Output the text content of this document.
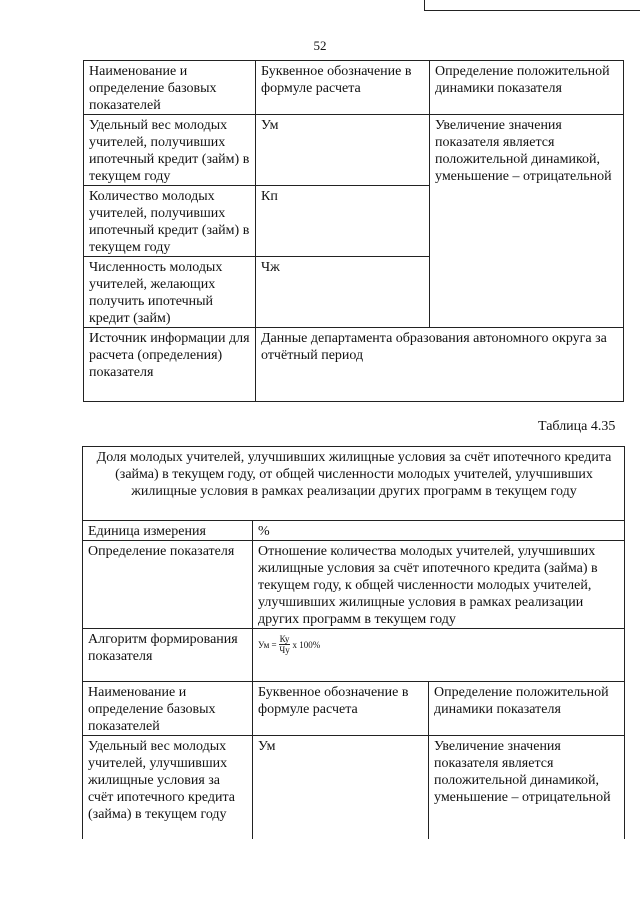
52
Наименование и определение базовых показателей	Буквенное обозначение в формуле расчета	Определение положительной динамики показателя
Удельный вес молодых учителей, получивших ипотечный кредит (займ) в текущем году	Ум	Увеличение значения показателя является положительной динамикой, уменьшение – отрицательной
Количество молодых учителей, получивших ипотечный кредит (займ) в текущем году	Кп	
Численность молодых учителей, желающих получить ипотечный кредит (займ)	Чж	
Источник информации для расчета (определения) показателя	Данные департамента образования автономного округа за отчётный период	
Таблица 4.35
Доля молодых учителей, улучшивших жилищные условия за счёт ипотечного кредита (займа) в текущем году, от общей численности молодых учителей, улучшивших жилищные условия в рамках реализации других программ в текущем году		
Единица измерения	%	
Определение показателя	Отношение количества молодых учителей, улучшивших жилищные условия за счёт ипотечного кредита (займа) в текущем году, к общей численности молодых учителей, улучшивших жилищные условия в рамках реализации других программ в текущем году	
Алгоритм формирования показателя	Ум = $\frac{Ку}{Чу}$ x 100%	

Наименование и определение базовых показателей	Буквенное обозначение в формуле расчета	Определение положительной динамики показателя
Удельный вес молодых учителей, улучшивших жилищные условия за счёт ипотечного кредита (займа) в текущем году	Ум	Увеличение значения показателя является положительной динамикой, уменьшение – отрицательной
